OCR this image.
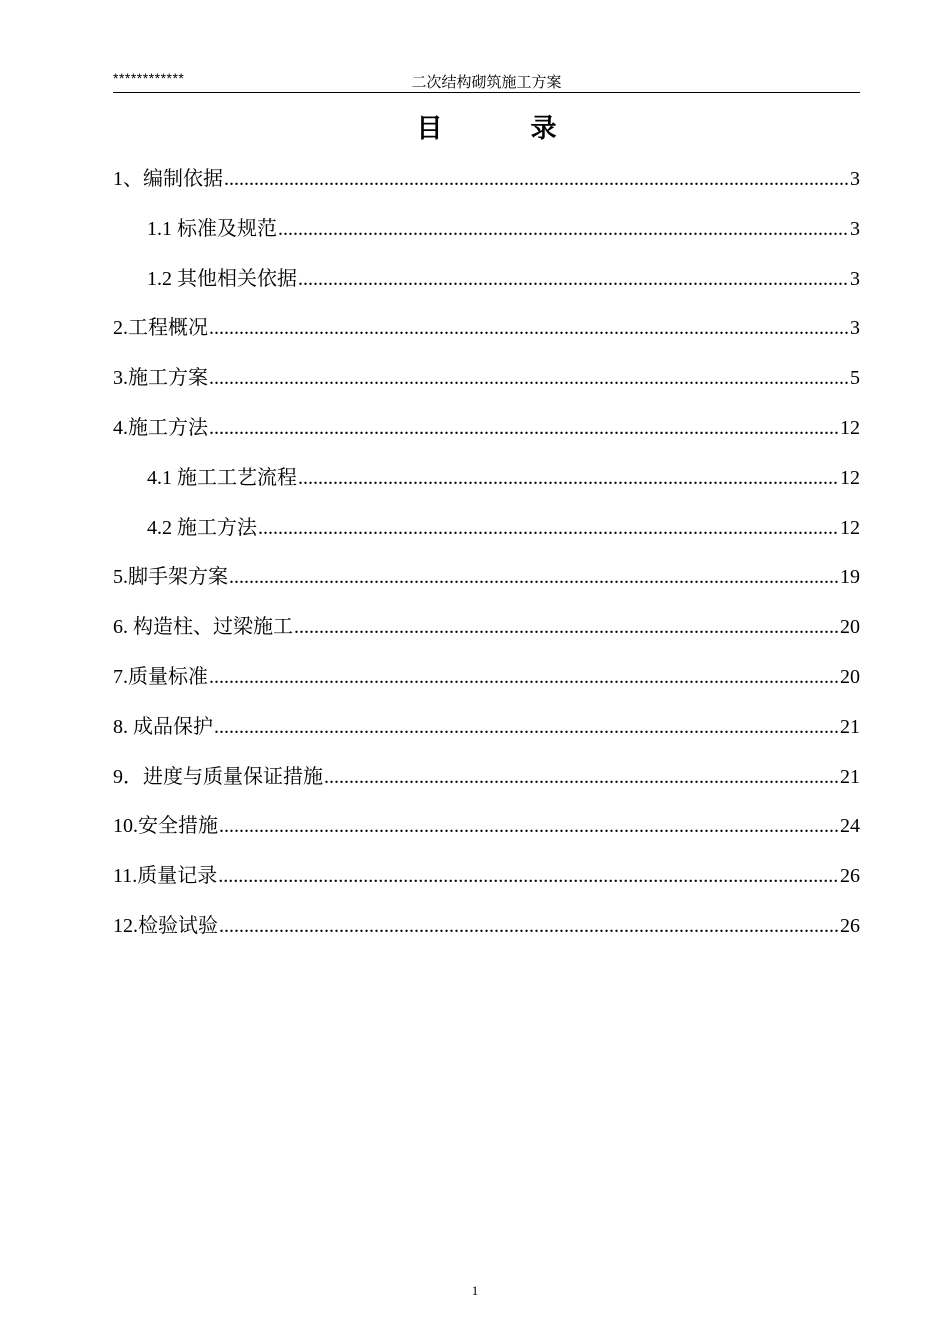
************	二次结构砌筑施工方案
目	录
1、编制依据 .....	3
1.1 标准及规范 .....	3
1.2 其他相关依据 .....	3
2.工程概况 .....	3
3.施工方案 .....	5
4.施工方法 .....	12
4.1 施工工艺流程 .....	12
4.2 施工方法 .....	12
5.脚手架方案 .....	19
6. 构造柱、过梁施工 .....	20
7.质量标准 .....	20
8. 成品保护 .....	21
9．进度与质量保证措施 .....	21
10.安全措施 .....	24
11.质量记录 .....	26
12.检验试验 .....	26
1
